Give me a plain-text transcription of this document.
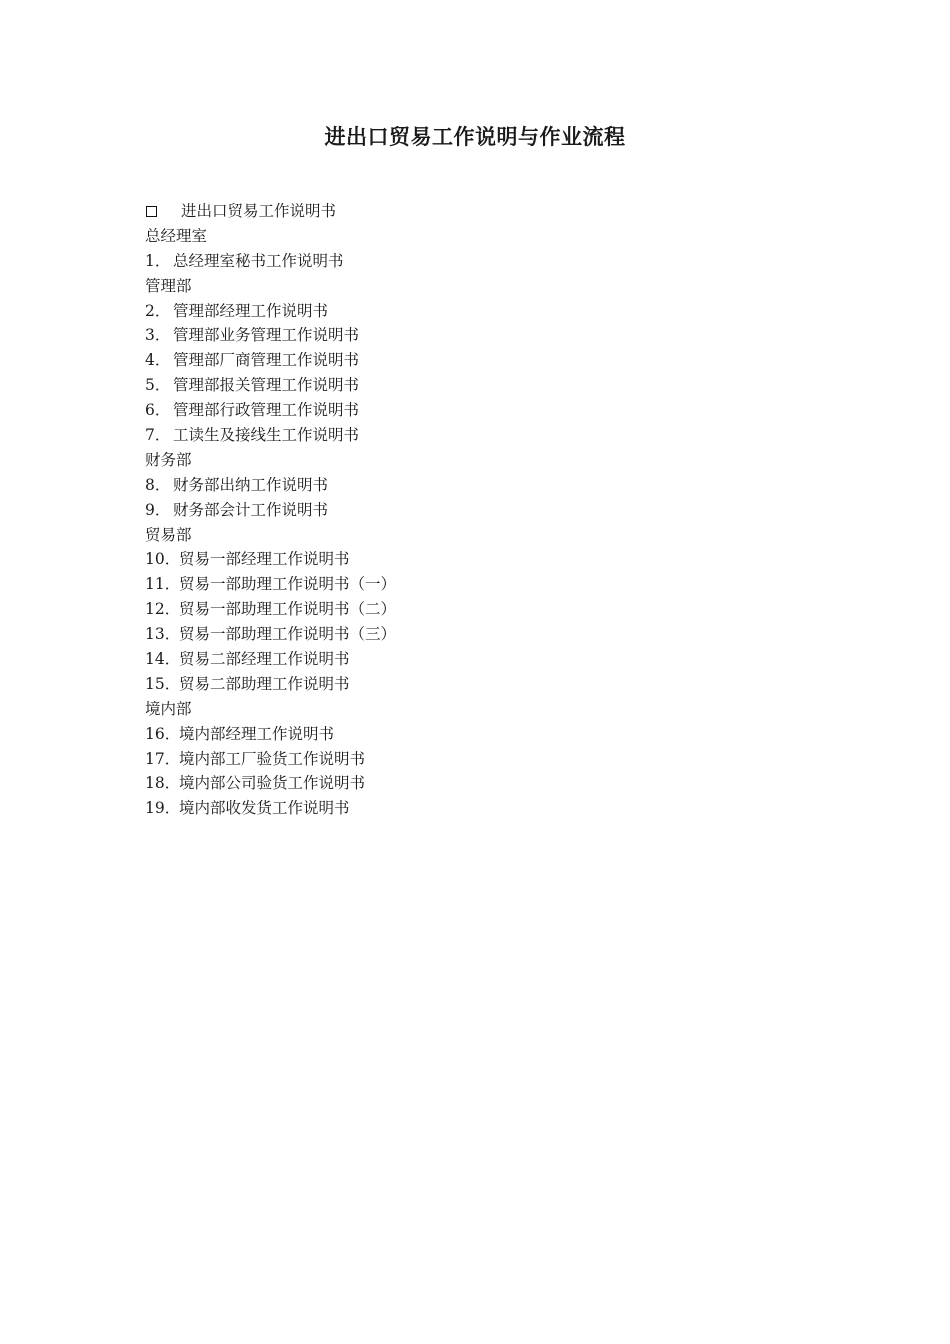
进出口贸易工作说明与作业流程
进出口贸易工作说明书
总经理室
1． 总经理室秘书工作说明书
管理部
2． 管理部经理工作说明书
3． 管理部业务管理工作说明书
4． 管理部厂商管理工作说明书
5． 管理部报关管理工作说明书
6． 管理部行政管理工作说明书
7． 工读生及接线生工作说明书
财务部
8． 财务部出纳工作说明书
9． 财务部会计工作说明书
贸易部
10．贸易一部经理工作说明书
11．贸易一部助理工作说明书（一）
12．贸易一部助理工作说明书（二）
13．贸易一部助理工作说明书（三）
14．贸易二部经理工作说明书
15．贸易二部助理工作说明书
境内部
16．境内部经理工作说明书
17．境内部工厂验货工作说明书
18．境内部公司验货工作说明书
19．境内部收发货工作说明书
